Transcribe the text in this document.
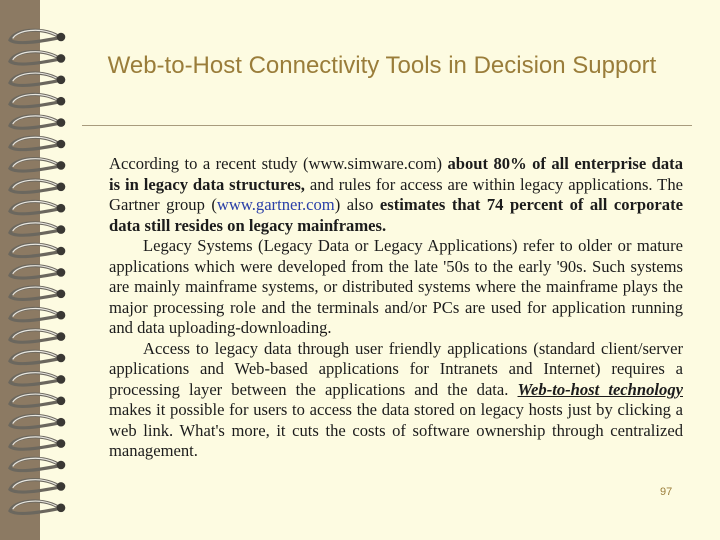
Web-to-Host Connectivity Tools in Decision Support

According to a recent study (www.simware.com) about 80% of all enterprise data is in legacy data structures, and rules for access are within legacy applications. The Gartner group (www.gartner.com) also estimates that 74 percent of all corporate data still resides on legacy mainframes.

Legacy Systems (Legacy Data or Legacy Applications) refer to older or mature applications which were developed from the late '50s to the early '90s. Such systems are mainly mainframe systems, or distributed systems where the mainframe plays the major processing role and the terminals and/or PCs are used for application running and data uploading-downloading.

Access to legacy data through user friendly applications (standard client/server applications and Web-based applications for Intranets and Internet) requires a processing layer between the applications and the data. Web-to-host technology makes it possible for users to access the data stored on legacy hosts just by clicking a web link. What's more, it cuts the costs of software ownership through centralized management.

97
